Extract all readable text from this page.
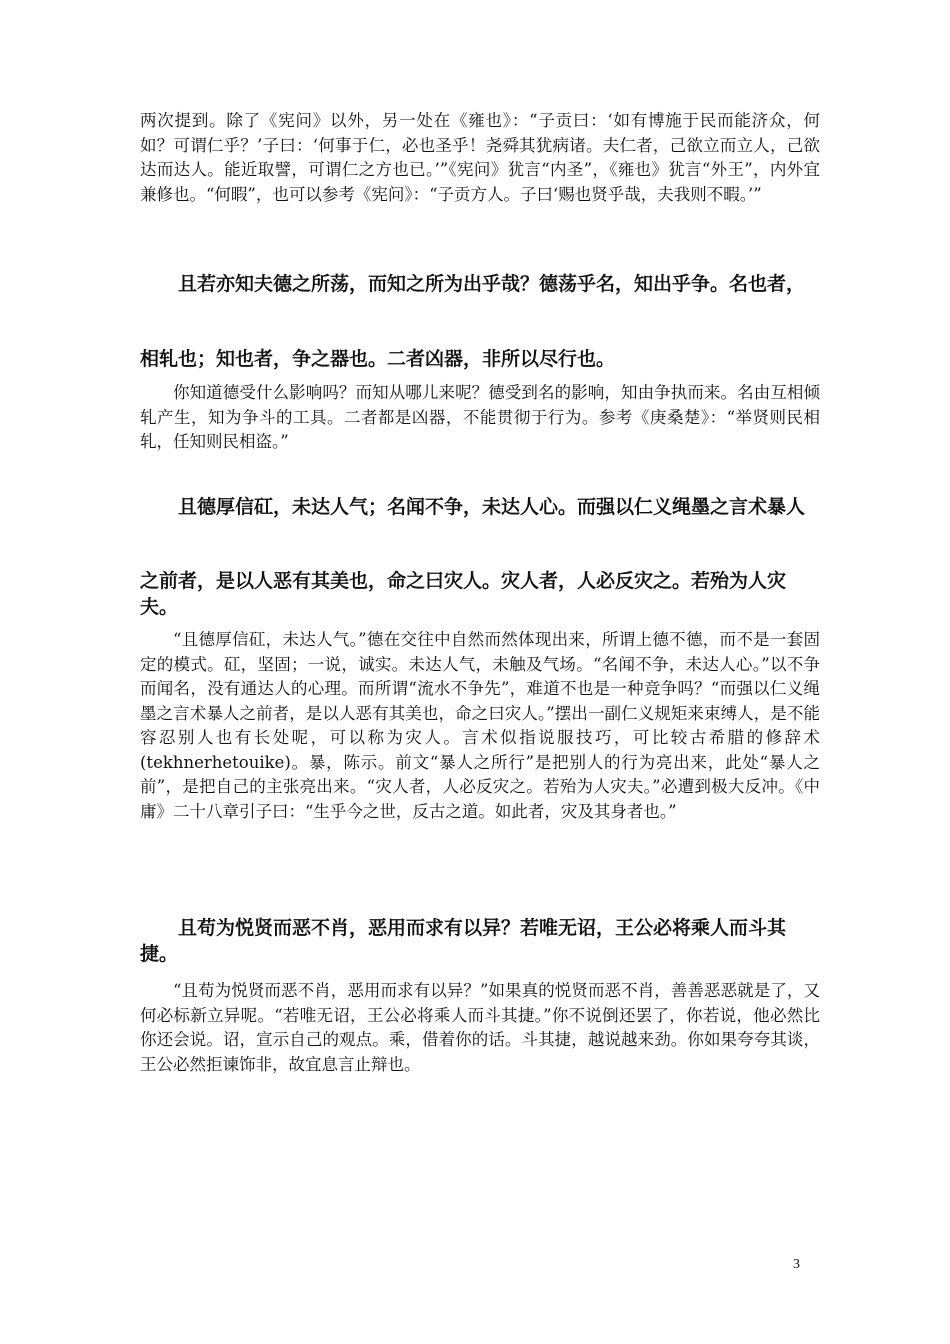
两次提到。除了《宪问》以外，另一处在《雍也》：“子贡曰：‘如有博施于民而能济众，何如？可谓仁乎？’子曰：‘何事于仁，必也圣乎！尧舜其犹病诸。夫仁者，己欲立而立人，己欲达而达人。能近取譬，可谓仁之方也已。’”《宪问》犹言“内圣”，《雍也》犹言“外王”，内外宜兼修也。“何暇”，也可以参考《宪问》：“子贡方人。子曰‘赐也贤乎哉，夫我则不暇。’”

且若亦知夫德之所荡，而知之所为出乎哉？德荡乎名，知出乎争。名也者，

相轧也；知也者，争之器也。二者凶器，非所以尽行也。

你知道德受什么影响吗？而知从哪儿来呢？德受到名的影响，知由争执而来。名由互相倾轧产生，知为争斗的工具。二者都是凶器，不能贯彻于行为。参考《庚桑楚》：“举贤则民相轧，任知则民相盗。”

且德厚信矼，未达人气；名闻不争，未达人心。而强以仁义绳墨之言术暴人

之前者，是以人恶有其美也，命之曰灾人。灾人者，人必反灾之。若殆为人灾夫。

“且德厚信矼，未达人气。”德在交往中自然而然体现出来，所谓上德不德，而不是一套固定的模式。矼，坚固；一说，诚实。未达人气，未触及气场。“名闻不争，未达人心。”以不争而闻名，没有通达人的心理。而所谓“流水不争先”，难道不也是一种竞争吗？“而强以仁义绳墨之言术暴人之前者，是以人恶有其美也，命之曰灾人。”摆出一副仁义规矩来束缚人，是不能容忍别人也有长处呢，可以称为灾人。言术似指说服技巧，可比较古希腊的修辞术(tekhnerhetouike)。暴，陈示。前文“暴人之所行”是把别人的行为亮出来，此处“暴人之前”，是把自己的主张亮出来。“灾人者，人必反灾之。若殆为人灾夫。”必遭到极大反冲。《中庸》二十八章引子曰：“生乎今之世，反古之道。如此者，灾及其身者也。”

且苟为悦贤而恶不肖，恶用而求有以异？若唯无诏，王公必将乘人而斗其捷。

“且苟为悦贤而恶不肖，恶用而求有以异？”如果真的悦贤而恶不肖，善善恶恶就是了，又何必标新立异呢。“若唯无诏，王公必将乘人而斗其捷。”你不说倒还罢了，你若说，他必然比你还会说。诏，宣示自己的观点。乘，借着你的话。斗其捷，越说越来劲。你如果夸夸其谈，王公必然拒谏饰非，故宜息言止辩也。

3
